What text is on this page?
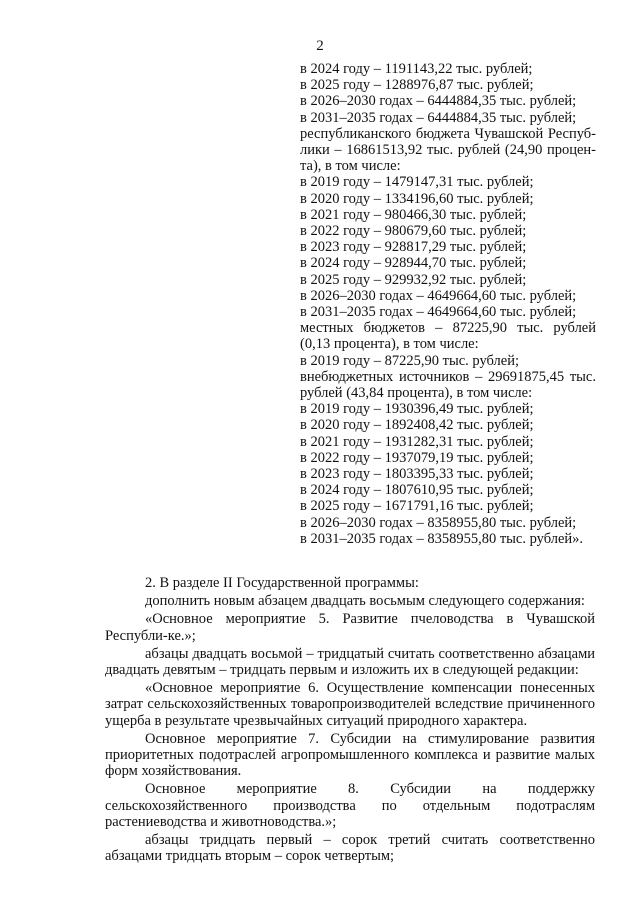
2
в 2024 году – 1191143,22 тыс. рублей;
в 2025 году – 1288976,87 тыс. рублей;
в 2026–2030 годах – 6444884,35 тыс. рублей;
в 2031–2035 годах – 6444884,35 тыс. рублей;
республиканского бюджета Чувашской Респуб-
лики – 16861513,92 тыс. рублей (24,90 процен-
та), в том числе:
в 2019 году – 1479147,31 тыс. рублей;
в 2020 году – 1334196,60 тыс. рублей;
в 2021 году – 980466,30 тыс. рублей;
в 2022 году – 980679,60 тыс. рублей;
в 2023 году – 928817,29 тыс. рублей;
в 2024 году – 928944,70 тыс. рублей;
в 2025 году – 929932,92 тыс. рублей;
в 2026–2030 годах – 4649664,60 тыс. рублей;
в 2031–2035 годах – 4649664,60 тыс. рублей;
местных бюджетов – 87225,90 тыс. рублей
(0,13 процента), в том числе:
в 2019 году – 87225,90 тыс. рублей;
внебюджетных источников – 29691875,45 тыс.
рублей (43,84 процента), в том числе:
в 2019 году – 1930396,49 тыс. рублей;
в 2020 году – 1892408,42 тыс. рублей;
в 2021 году – 1931282,31 тыс. рублей;
в 2022 году – 1937079,19 тыс. рублей;
в 2023 году – 1803395,33 тыс. рублей;
в 2024 году – 1807610,95 тыс. рублей;
в 2025 году – 1671791,16 тыс. рублей;
в 2026–2030 годах – 8358955,80 тыс. рублей;
в 2031–2035 годах – 8358955,80 тыс. рублей».
2. В разделе II Государственной программы:
дополнить новым абзацем двадцать восьмым следующего содержания:
«Основное мероприятие 5. Развитие пчеловодства в Чувашской Республи-ке.»;
абзацы двадцать восьмой – тридцатый считать соответственно абзацами двадцать девятым – тридцать первым и изложить их в следующей редакции:
«Основное мероприятие 6. Осуществление компенсации понесенных затрат сельскохозяйственных товаропроизводителей вследствие причиненного ущерба в результате чрезвычайных ситуаций природного характера.
Основное мероприятие 7. Субсидии на стимулирование развития приоритетных подотраслей агропромышленного комплекса и развитие малых форм хозяйствования.
Основное мероприятие 8. Субсидии на поддержку сельскохозяйственного производства по отдельным подотраслям растениеводства и животноводства.»;
абзацы тридцать первый – сорок третий считать соответственно абзацами тридцать вторым – сорок четвертым;
